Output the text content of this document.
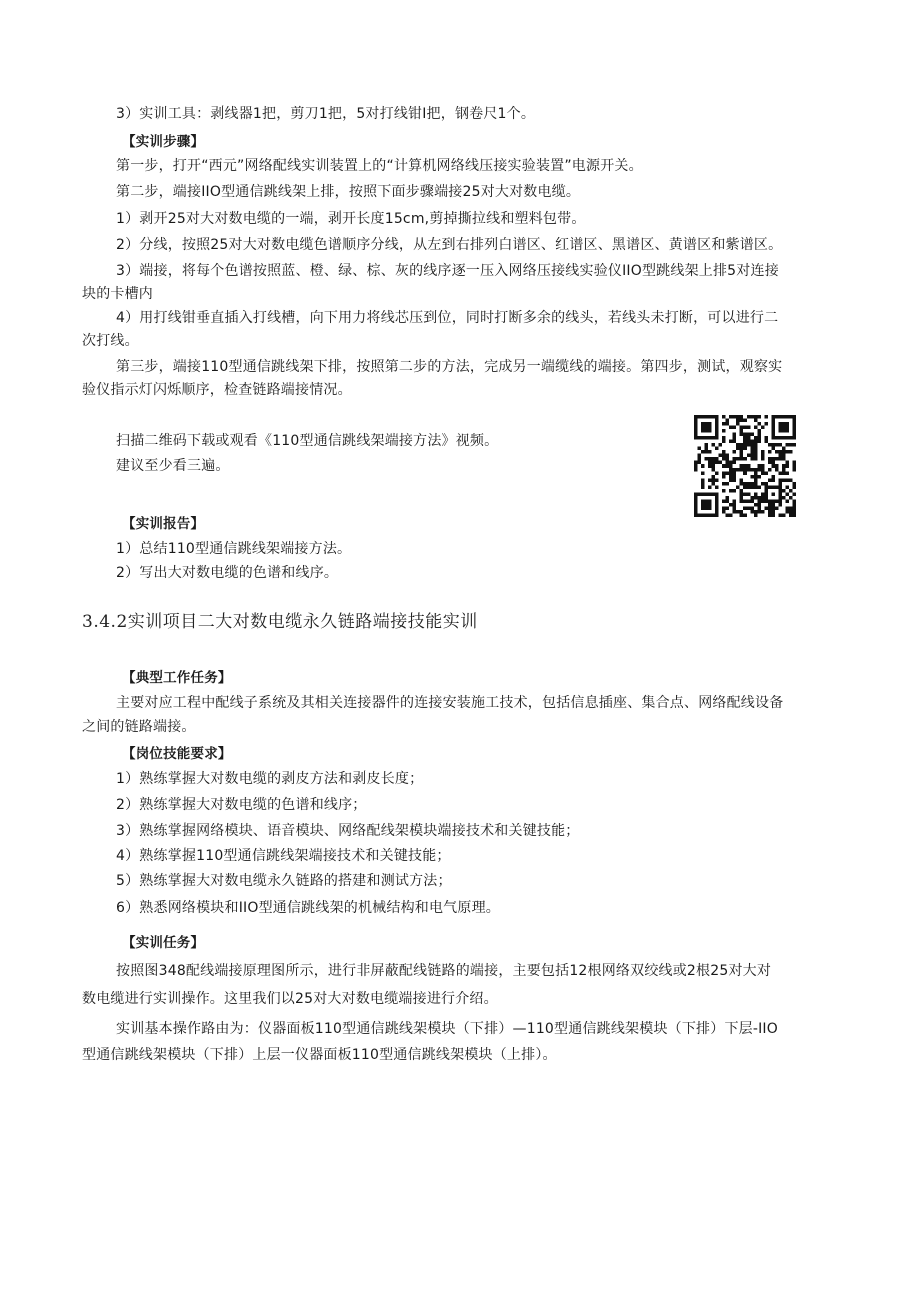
3）实训工具：剥线器1把，剪刀1把，5对打线钳I把，钢卷尺1个。
【实训步骤】
第一步，打开“西元”网络配线实训装置上的“计算机网络线压接实验装置”电源开关。
第二步，端接IIO型通信跳线架上排，按照下面步骤端接25对大对数电缆。
1）剥开25对大对数电缆的一端，剥开长度15cm,剪掉撕拉线和塑料包带。
2）分线，按照25对大对数电缆色谱顺序分线，从左到右排列白谱区、红谱区、黑谱区、黄谱区和紫谱区。
3）端接，将每个色谱按照蓝、橙、绿、棕、灰的线序逐一压入网络压接线实验仪IIO型跳线架上排5对连接
块的卡槽内
4）用打线钳垂直插入打线槽，向下用力将线芯压到位，同时打断多余的线头，若线头未打断，可以进行二
次打线。
第三步，端接110型通信跳线架下排，按照第二步的方法，完成另一端缆线的端接。第四步，测试，观察实
验仪指示灯闪烁顺序，检查链路端接情况。
扫描二维码下载或观看《110型通信跳线架端接方法》视频。
建议至少看三遍。
【实训报告】
1）总结110型通信跳线架端接方法。
2）写出大对数电缆的色谱和线序。
3.4.2实训项目二大对数电缆永久链路端接技能实训
【典型工作任务】
主要对应工程中配线子系统及其相关连接器件的连接安装施工技术，包括信息插座、集合点、网络配线设备
之间的链路端接。
【岗位技能要求】
1）熟练掌握大对数电缆的剥皮方法和剥皮长度；
2）熟练掌握大对数电缆的色谱和线序；
3）熟练掌握网络模块、语音模块、网络配线架模块端接技术和关键技能；
4）熟练掌握110型通信跳线架端接技术和关键技能；
5）熟练掌握大对数电缆永久链路的搭建和测试方法；
6）熟悉网络模块和IIO型通信跳线架的机械结构和电气原理。
【实训任务】
按照图348配线端接原理图所示，进行非屏蔽配线链路的端接，主要包括12根网络双绞线或2根25对大对
数电缆进行实训操作。这里我们以25对大对数电缆端接进行介绍。
实训基本操作路由为：仪器面板110型通信跳线架模块（下排）—110型通信跳线架模块（下排）下层-IIO
型通信跳线架模块（下排）上层一仪器面板110型通信跳线架模块（上排）。
